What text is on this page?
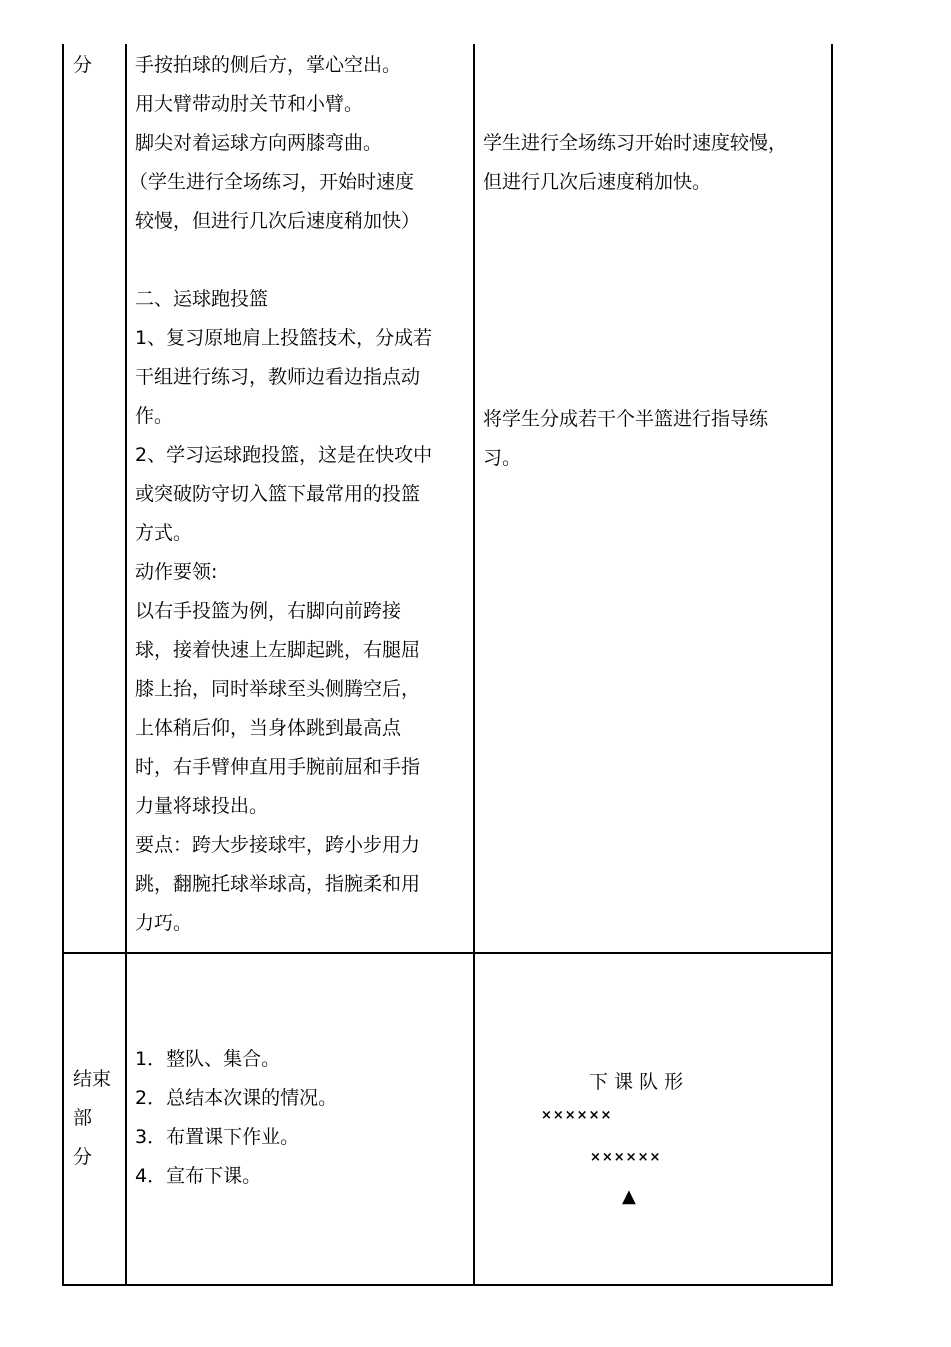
分 手按拍球的侧后方，掌心空出。
用大臂带动肘关节和小臂。
脚尖对着运球方向两膝弯曲。
（学生进行全场练习，开始时速度
较慢，但进行几次后速度稍加快）
二、运球跑投篮
1、复习原地肩上投篮技术，分成若
干组进行练习，教师边看边指点动
作。
2、学习运球跑投篮，这是在快攻中
或突破防守切入篮下最常用的投篮
方式。
动作要领:
以右手投篮为例，右脚向前跨接
球，接着快速上左脚起跳，右腿屈
膝上抬，同时举球至头侧腾空后，
上体稍后仰，当身体跳到最高点
时，右手臂伸直用手腕前屈和手指
力量将球投出。
要点：跨大步接球牢，跨小步用力
跳，翻腕托球举球高，指腕柔和用
力巧。
学生进行全场练习开始时速度较慢，
但进行几次后速度稍加快。
将学生分成若干个半篮进行指导练
习。
结束
部
分
1．整队、集合。
2．总结本次课的情况。
3．布置课下作业。
4．宣布下课。
下 课 队 形
××××××
××××××
▲
